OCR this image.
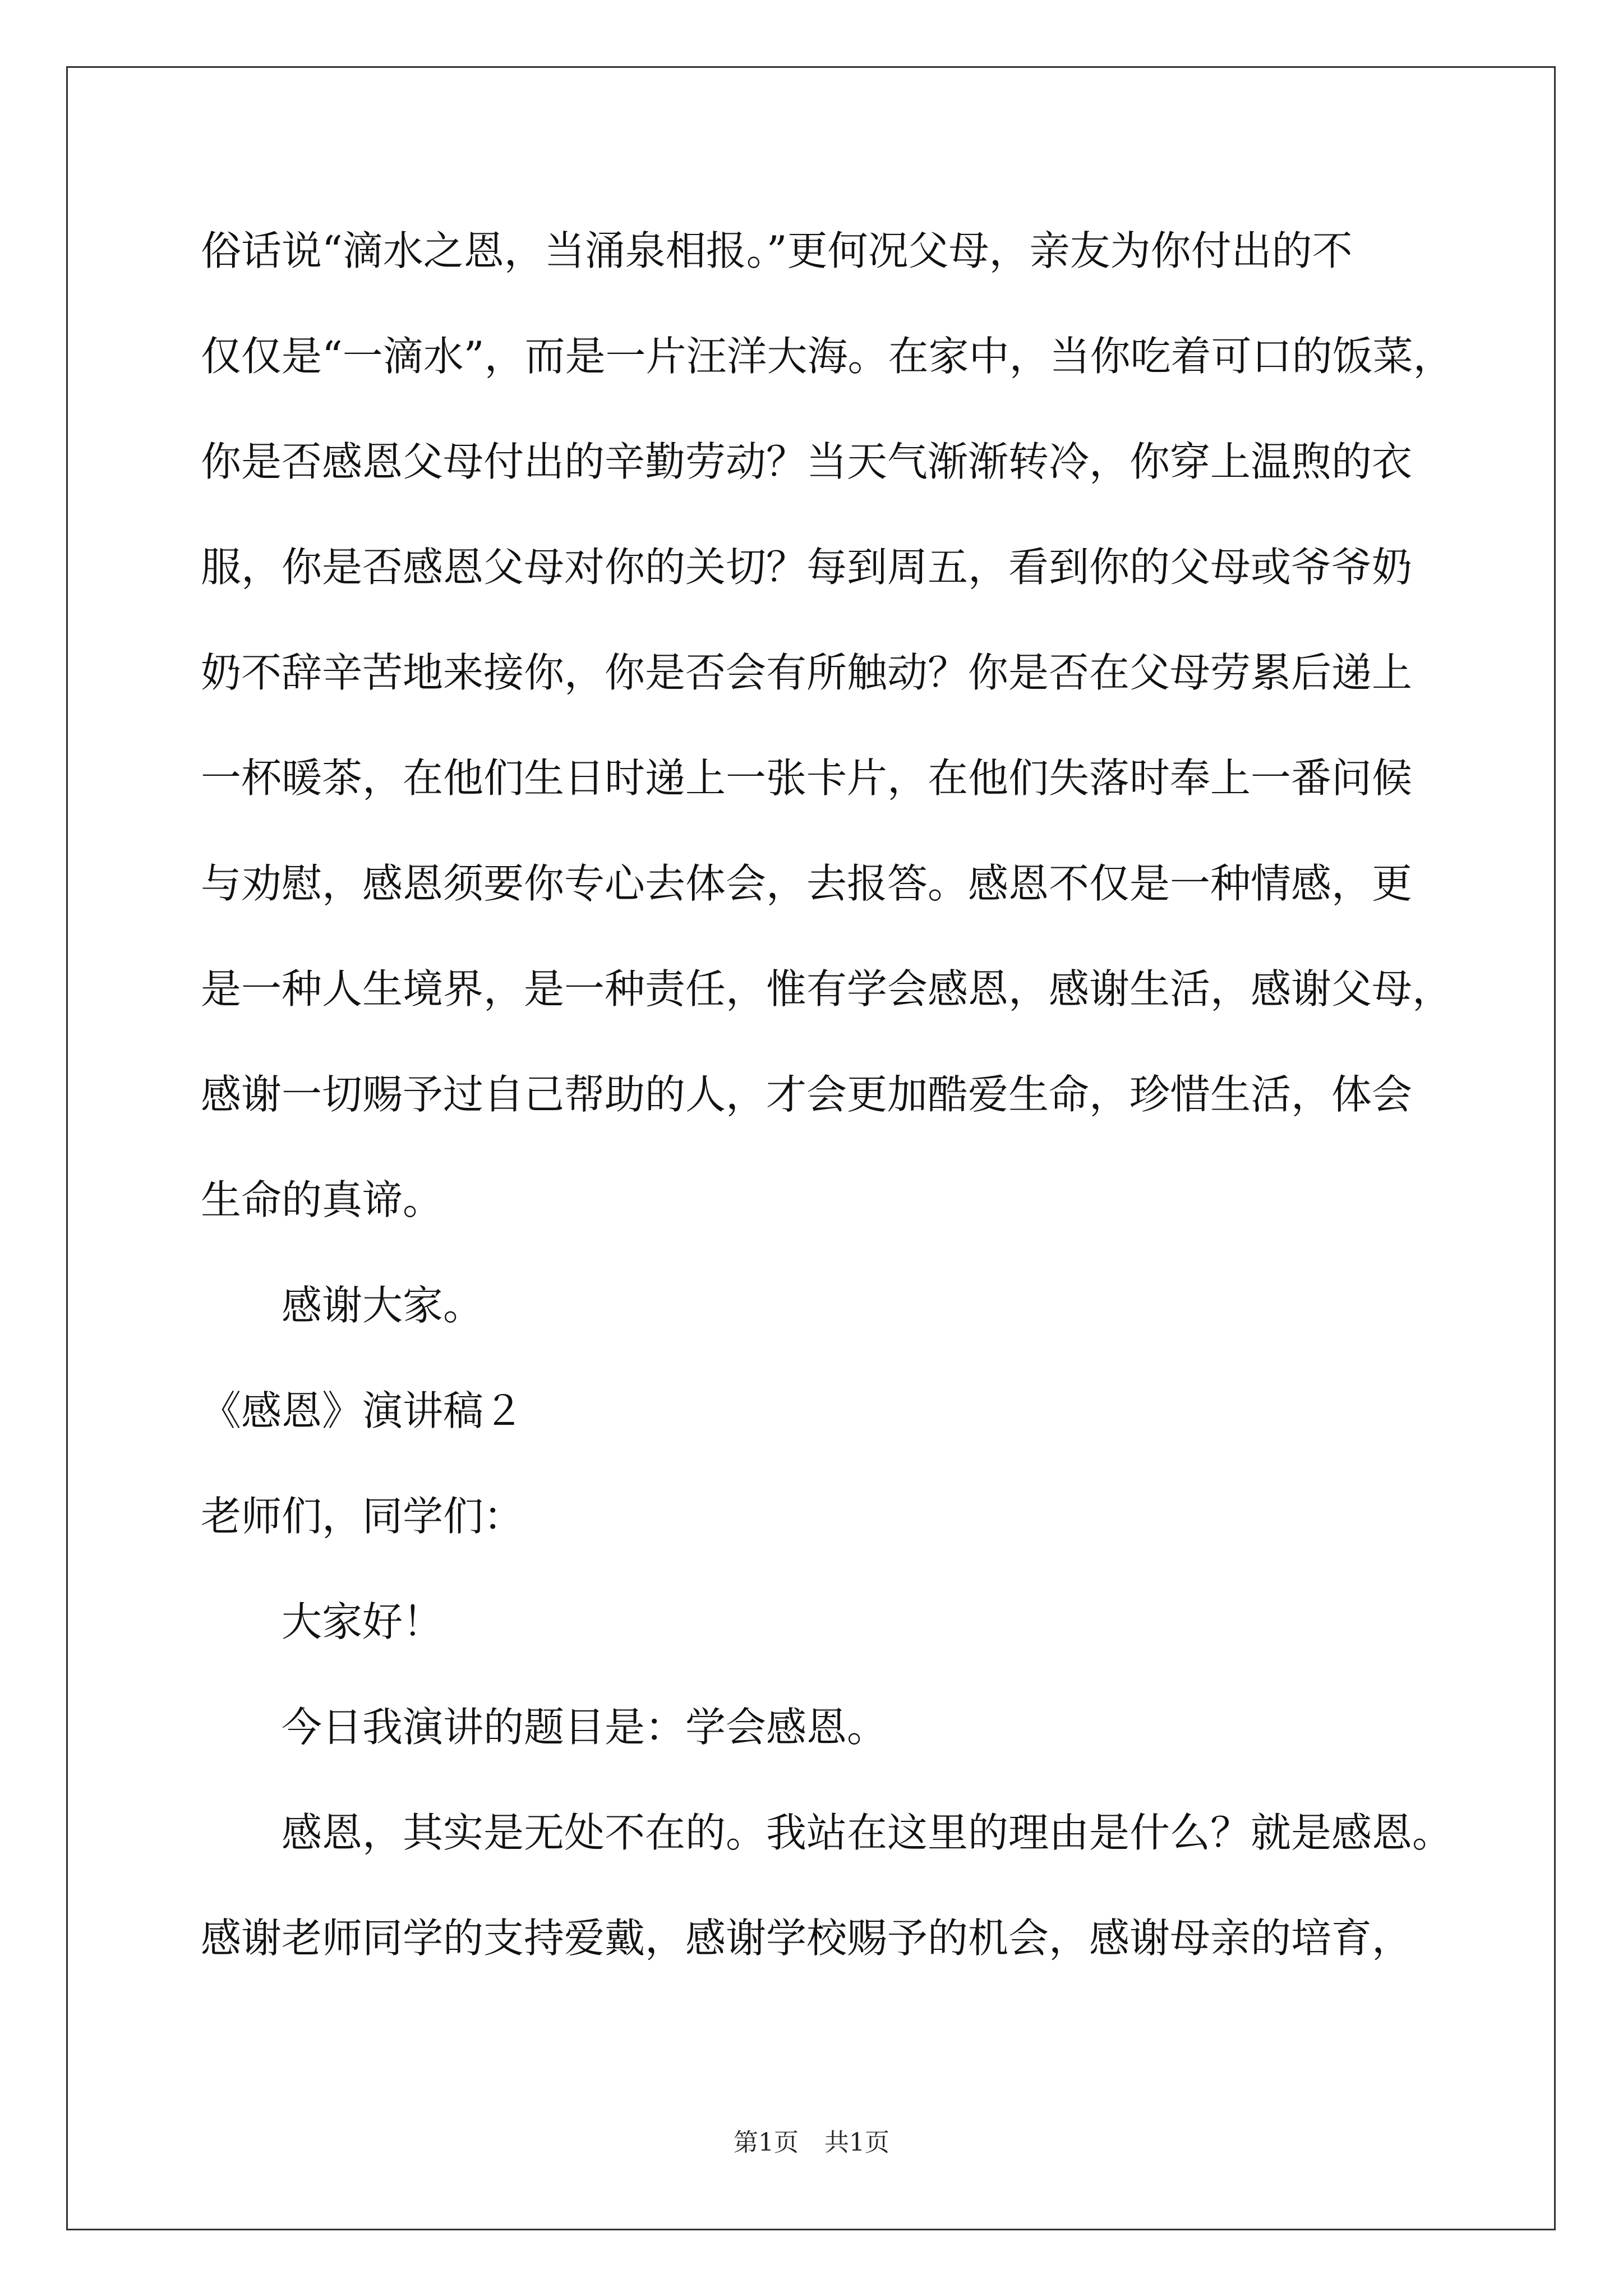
俗话说“滴水之恩，当涌泉相报。”更何况父母，亲友为你付出的不
仅仅是“一滴水”，而是一片汪洋大海。在家中，当你吃着可口的饭菜，
你是否感恩父母付出的辛勤劳动？当天气渐渐转冷，你穿上温煦的衣
服，你是否感恩父母对你的关切？每到周五，看到你的父母或爷爷奶
奶不辞辛苦地来接你，你是否会有所触动？你是否在父母劳累后递上
一杯暖茶，在他们生日时递上一张卡片，在他们失落时奉上一番问候
与劝慰，感恩须要你专心去体会，去报答。感恩不仅是一种情感，更
是一种人生境界，是一种责任，惟有学会感恩，感谢生活，感谢父母，
感谢一切赐予过自己帮助的人，才会更加酷爱生命，珍惜生活，体会
生命的真谛。
感谢大家。
《感恩》演讲稿２
老师们，同学们：
大家好！
今日我演讲的题目是：学会感恩。
感恩，其实是无处不在的。我站在这里的理由是什么？就是感恩。
感谢老师同学的支持爱戴，感谢学校赐予的机会，感谢母亲的培育，
第1页 共1页
